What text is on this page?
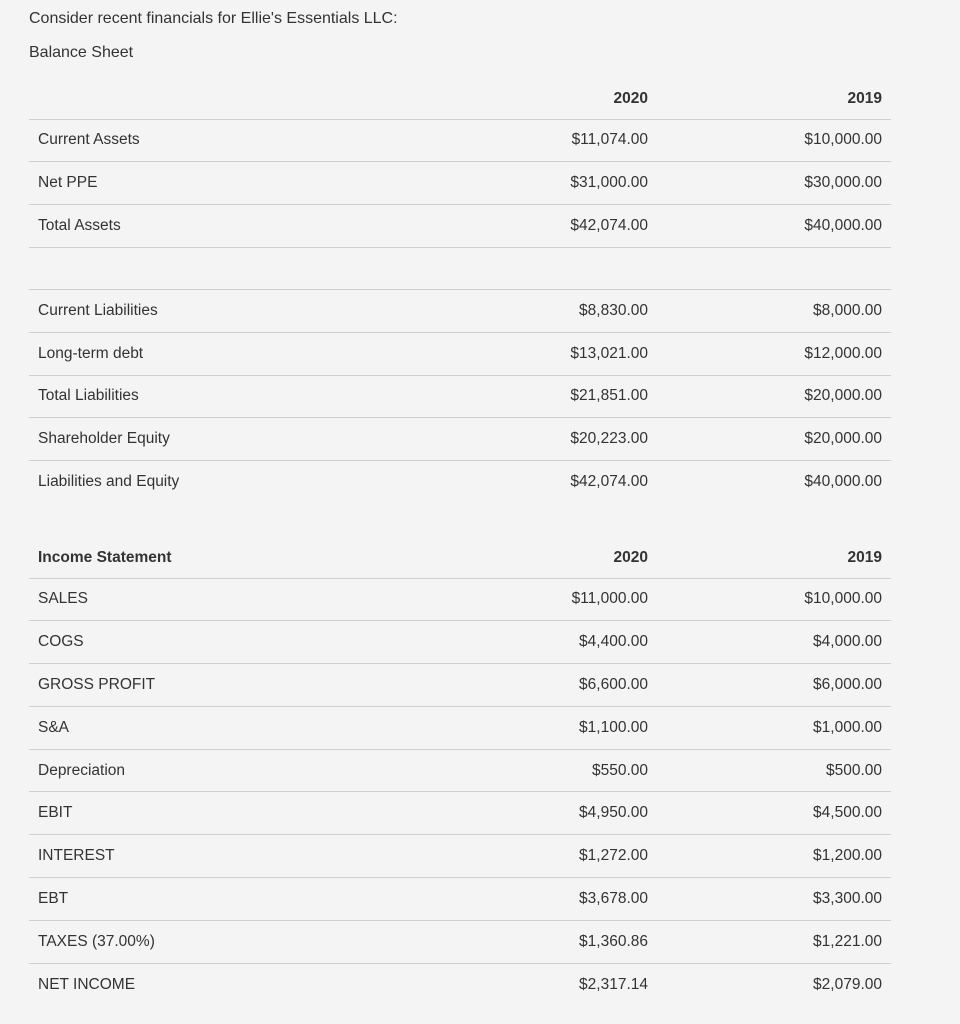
Consider recent financials for Ellie's Essentials LLC:
Balance Sheet
	2020	2019
Current Assets	$11,074.00	$10,000.00
Net PPE	$31,000.00	$30,000.00
Total Assets	$42,074.00	$40,000.00

Current Liabilities	$8,830.00	$8,000.00
Long-term debt	$13,021.00	$12,000.00
Total Liabilities	$21,851.00	$20,000.00
Shareholder Equity	$20,223.00	$20,000.00
Liabilities and Equity	$42,074.00	$40,000.00
Income Statement	2020	2019
SALES	$11,000.00	$10,000.00
COGS	$4,400.00	$4,000.00
GROSS PROFIT	$6,600.00	$6,000.00
S&A	$1,100.00	$1,000.00
Depreciation	$550.00	$500.00
EBIT	$4,950.00	$4,500.00
INTEREST	$1,272.00	$1,200.00
EBT	$3,678.00	$3,300.00
TAXES (37.00%)	$1,360.86	$1,221.00
NET INCOME	$2,317.14	$2,079.00
